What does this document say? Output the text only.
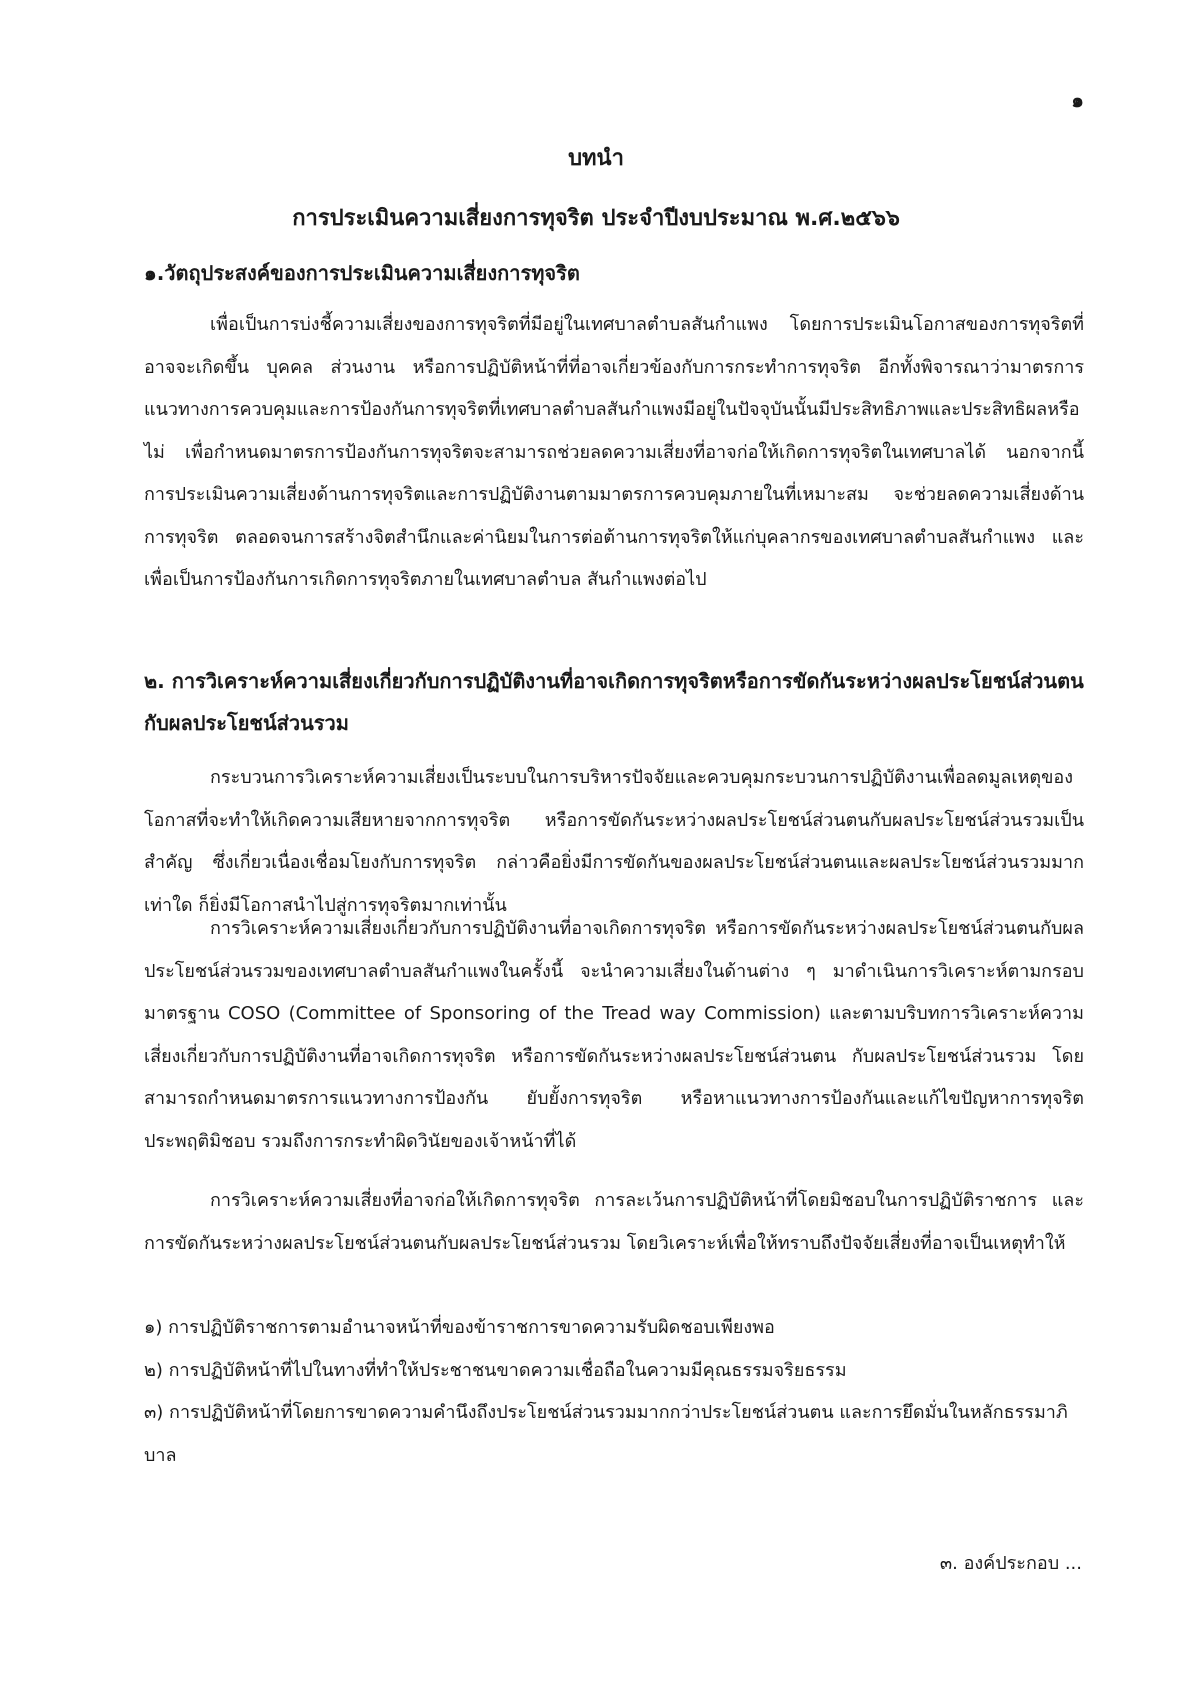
๑
บทนำ
การประเมินความเสี่ยงการทุจริต ประจำปีงบประมาณ พ.ศ.๒๕๖๖
๑.วัตถุประสงค์ของการประเมินความเสี่ยงการทุจริต

เพื่อเป็นการบ่งชี้ความเสี่ยงของการทุจริตที่มีอยู่ในเทศบาลตำบลสันกำแพง โดยการประเมินโอกาสของการทุจริตที่อาจจะเกิดขึ้น บุคคล ส่วนงาน หรือการปฏิบัติหน้าที่ที่อาจเกี่ยวข้องกับการกระทำการทุจริต อีกทั้งพิจารณาว่ามาตรการ แนวทางการควบคุมและการป้องกันการทุจริตที่เทศบาลตำบลสันกำแพงมีอยู่ในปัจจุบันนั้นมีประสิทธิภาพและประสิทธิผลหรือไม่ เพื่อกำหนดมาตรการป้องกันการทุจริตจะสามารถช่วยลดความเสี่ยงที่อาจก่อให้เกิดการทุจริตในเทศบาลได้ นอกจากนี้การประเมินความเสี่ยงด้านการทุจริตและการปฏิบัติงานตามมาตรการควบคุมภายในที่เหมาะสม จะช่วยลดความเสี่ยงด้านการทุจริต ตลอดจนการสร้างจิตสำนึกและค่านิยมในการต่อต้านการทุจริตให้แก่บุคลากรของเทศบาลตำบลสันกำแพง และเพื่อเป็นการป้องกันการเกิดการทุจริตภายในเทศบาลตำบล สันกำแพงต่อไป

๒. การวิเคราะห์ความเสี่ยงเกี่ยวกับการปฏิบัติงานที่อาจเกิดการทุจริตหรือการขัดกันระหว่างผลประโยชน์ส่วนตนกับผลประโยชน์ส่วนรวม

กระบวนการวิเคราะห์ความเสี่ยงเป็นระบบในการบริหารปัจจัยและควบคุมกระบวนการปฏิบัติงานเพื่อลดมูลเหตุของโอกาสที่จะทำให้เกิดความเสียหายจากการทุจริต หรือการขัดกันระหว่างผลประโยชน์ส่วนตนกับผลประโยชน์ส่วนรวมเป็นสำคัญ ซึ่งเกี่ยวเนื่องเชื่อมโยงกับการทุจริต กล่าวคือยิ่งมีการขัดกันของผลประโยชน์ส่วนตนและผลประโยชน์ส่วนรวมมากเท่าใด ก็ยิ่งมีโอกาสนำไปสู่การทุจริตมากเท่านั้น

การวิเคราะห์ความเสี่ยงเกี่ยวกับการปฏิบัติงานที่อาจเกิดการทุจริต หรือการขัดกันระหว่างผลประโยชน์ส่วนตนกับผลประโยชน์ส่วนรวมของเทศบาลตำบลสันกำแพงในครั้งนี้ จะนำความเสี่ยงในด้านต่าง ๆ มาดำเนินการวิเคราะห์ตามกรอบมาตรฐาน COSO (Committee of Sponsoring of the Tread way Commission) และตามบริบทการวิเคราะห์ความเสี่ยงเกี่ยวกับการปฏิบัติงานที่อาจเกิดการทุจริต หรือการขัดกันระหว่างผลประโยชน์ส่วนตน กับผลประโยชน์ส่วนรวม โดยสามารถกำหนดมาตรการแนวทางการป้องกัน ยับยั้งการทุจริต หรือหาแนวทางการป้องกันและแก้ไขปัญหาการทุจริต ประพฤติมิชอบ รวมถึงการกระทำผิดวินัยของเจ้าหน้าที่ได้

การวิเคราะห์ความเสี่ยงที่อาจก่อให้เกิดการทุจริต การละเว้นการปฏิบัติหน้าที่โดยมิชอบในการปฏิบัติราชการ และการขัดกันระหว่างผลประโยชน์ส่วนตนกับผลประโยชน์ส่วนรวม โดยวิเคราะห์เพื่อให้ทราบถึงปัจจัยเสี่ยงที่อาจเป็นเหตุทำให้

๑) การปฏิบัติราชการตามอำนาจหน้าที่ของข้าราชการขาดความรับผิดชอบเพียงพอ
๒) การปฏิบัติหน้าที่ไปในทางที่ทำให้ประชาชนขาดความเชื่อถือในความมีคุณธรรมจริยธรรม
๓) การปฏิบัติหน้าที่โดยการขาดความคำนึงถึงประโยชน์ส่วนรวมมากกว่าประโยชน์ส่วนตน และการยึดมั่นในหลักธรรมาภิบาล
๓. องค์ประกอบ ...
